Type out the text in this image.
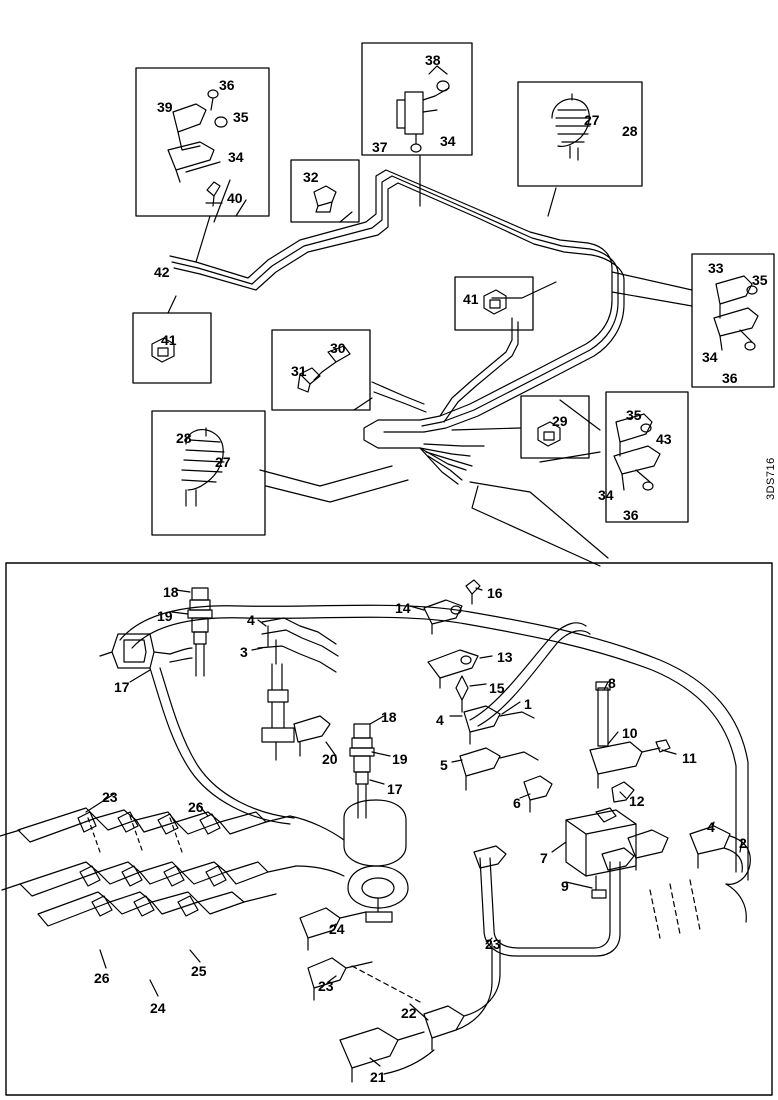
36
39
35
34
40
38
37	34
32
27
28
42	33
35
34
36
41
41
30
31
29	35
43
34
36
28
27
18
19	4
3
14
16
13
15
17
1
8
4
10
11
18
20	19
17
5
6	12
23
26
7
9
4
2
24
23
26	25
24
23
22
21
3DS716
